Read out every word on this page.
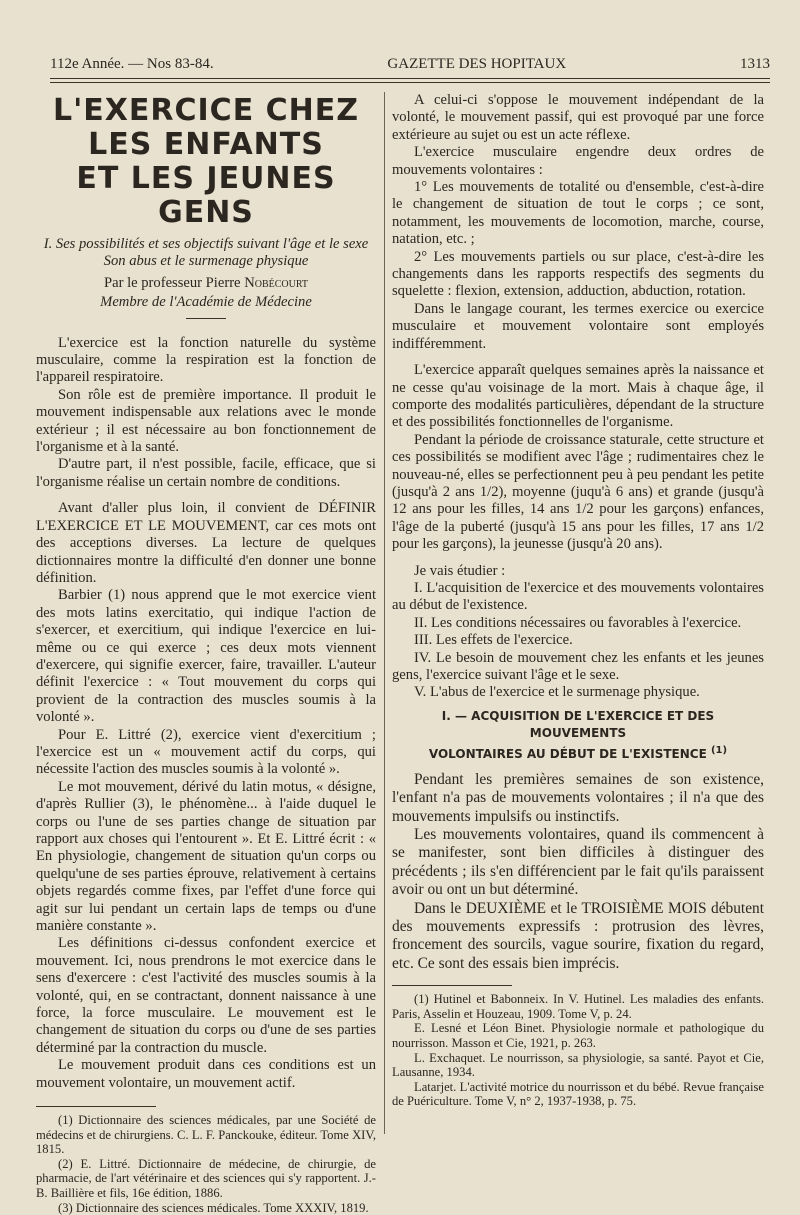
112e Année. — Nos 83-84.	GAZETTE DES HOPITAUX	1313
L'EXERCICE CHEZ LES ENFANTS
ET LES JEUNES GENS
I. Ses possibilités et ses objectifs suivant l'âge et le sexe Son abus et le surmenage physique
Par le professeur Pierre Nobécourt
Membre de l'Académie de Médecine

L'exercice est la fonction naturelle du système musculaire, comme la respiration est la fonction de l'appareil respiratoire.

Son rôle est de première importance. Il produit le mouvement indispensable aux relations avec le monde extérieur ; il est nécessaire au bon fonctionnement de l'organisme et à la santé.

D'autre part, il n'est possible, facile, efficace, que si l'organisme réalise un certain nombre de conditions.

Avant d'aller plus loin, il convient de DÉFINIR L'EXERCICE ET LE MOUVEMENT, car ces mots ont des acceptions diverses. La lecture de quelques dictionnaires montre la difficulté d'en donner une bonne définition.

Barbier (1) nous apprend que le mot exercice vient des mots latins exercitatio, qui indique l'action de s'exercer, et exercitium, qui indique l'exercice en lui-même ou ce qui exerce ; ces deux mots viennent d'exercere, qui signifie exercer, faire, travailler. L'auteur définit l'exercice : « Tout mouvement du corps qui provient de la contraction des muscles soumis à la volonté ».

Pour E. Littré (2), exercice vient d'exercitium ; l'exercice est un « mouvement actif du corps, qui nécessite l'action des muscles soumis à la volonté ».

Le mot mouvement, dérivé du latin motus, « désigne, d'après Rullier (3), le phénomène... à l'aide duquel le corps ou l'une de ses parties change de situation par rapport aux choses qui l'entourent ». Et E. Littré écrit : « En physiologie, changement de situation qu'un corps ou quelqu'une de ses parties éprouve, relativement à certains objets regardés comme fixes, par l'effet d'une force qui agit sur lui pendant un certain laps de temps ou d'une manière constante ».

Les définitions ci-dessus confondent exercice et mouvement. Ici, nous prendrons le mot exercice dans le sens d'exercere : c'est l'activité des muscles soumis à la volonté, qui, en se contractant, donnent naissance à une force, la force musculaire. Le mouvement est le changement de situation du corps ou d'une de ses parties déterminé par la contraction du muscle.

Le mouvement produit dans ces conditions est un mouvement volontaire, un mouvement actif.

(1) Dictionnaire des sciences médicales, par une Société de médecins et de chirurgiens. C. L. F. Panckouke, éditeur. Tome XIV, 1815.

(2) E. Littré. Dictionnaire de médecine, de chirurgie, de pharmacie, de l'art vétérinaire et des sciences qui s'y rapportent. J.-B. Baillière et fils, 16e édition, 1886.

(3) Dictionnaire des sciences médicales. Tome XXXIV, 1819.

A celui-ci s'oppose le mouvement indépendant de la volonté, le mouvement passif, qui est provoqué par une force extérieure au sujet ou est un acte réflexe.

L'exercice musculaire engendre deux ordres de mouvements volontaires :

1° Les mouvements de totalité ou d'ensemble, c'est-à-dire le changement de situation de tout le corps ; ce sont, notamment, les mouvements de locomotion, marche, course, natation, etc. ;

2° Les mouvements partiels ou sur place, c'est-à-dire les changements dans les rapports respectifs des segments du squelette : flexion, extension, adduction, abduction, rotation.

Dans le langage courant, les termes exercice ou exercice musculaire et mouvement volontaire sont employés indifféremment.

L'exercice apparaît quelques semaines après la naissance et ne cesse qu'au voisinage de la mort. Mais à chaque âge, il comporte des modalités particulières, dépendant de la structure et des possibilités fonctionnelles de l'organisme.

Pendant la période de croissance staturale, cette structure et ces possibilités se modifient avec l'âge ; rudimentaires chez le nouveau-né, elles se perfectionnent peu à peu pendant les petite (jusqu'à 2 ans 1/2), moyenne (juqu'à 6 ans) et grande (jusqu'à 12 ans pour les filles, 14 ans 1/2 pour les garçons) enfances, l'âge de la puberté (jusqu'à 15 ans pour les filles, 17 ans 1/2 pour les garçons), la jeunesse (jusqu'à 20 ans).

Je vais étudier :

I. L'acquisition de l'exercice et des mouvements volontaires au début de l'existence.

II. Les conditions nécessaires ou favorables à l'exercice.

III. Les effets de l'exercice.

IV. Le besoin de mouvement chez les enfants et les jeunes gens, l'exercice suivant l'âge et le sexe.

V. L'abus de l'exercice et le surmenage physique.

I. — ACQUISITION DE L'EXERCICE ET DES MOUVEMENTS
VOLONTAIRES AU DÉBUT DE L'EXISTENCE $^{(1)}$

Pendant les premières semaines de son existence, l'enfant n'a pas de mouvements volontaires ; il n'a que des mouvements impulsifs ou instinctifs.

Les mouvements volontaires, quand ils commencent à se manifester, sont bien difficiles à distinguer des précédents ; ils s'en différencient par le fait qu'ils paraissent avoir ou ont un but déterminé.

Dans le DEUXIÈME et le TROISIÈME MOIS débutent des mouvements expressifs : protrusion des lèvres, froncement des sourcils, vague sourire, fixation du regard, etc. Ce sont des essais bien imprécis.

(1) Hutinel et Babonneix. In V. Hutinel. Les maladies des enfants. Paris, Asselin et Houzeau, 1909. Tome V, p. 24.

E. Lesné et Léon Binet. Physiologie normale et pathologique du nourrisson. Masson et Cie, 1921, p. 263.

L. Exchaquet. Le nourrisson, sa physiologie, sa santé. Payot et Cie, Lausanne, 1934.

Latarjet. L'activité motrice du nourrisson et du bébé. Revue française de Puériculture. Tome V, n° 2, 1937-1938, p. 75.
